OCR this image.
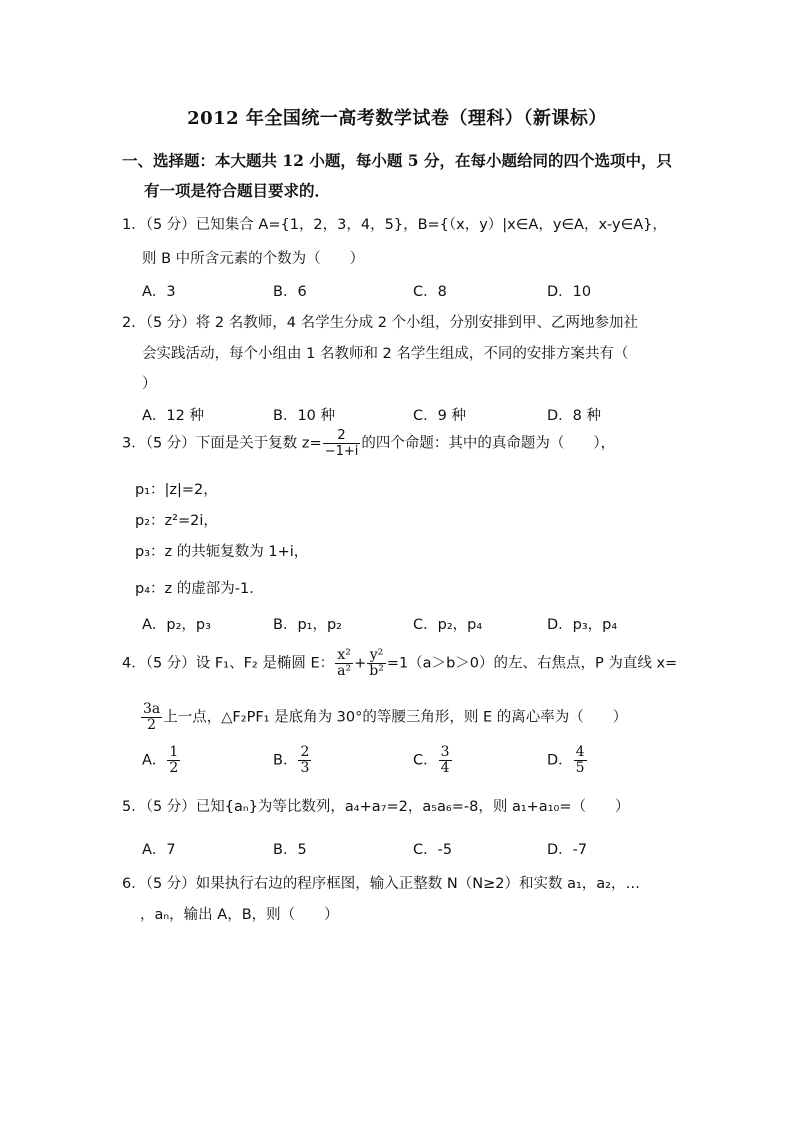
2012 年全国统一高考数学试卷（理科）（新课标）
一、选择题：本大题共 12 小题，每小题 5 分，在每小题给同的四个选项中，只
有一项是符合题目要求的．
1．（5 分）已知集合 A={1，2，3，4，5}，B={（x，y）|x∈A，y∈A，x-y∈A}，
则 B 中所含元素的个数为（　　）
A．3	B．6	C．8	D．10
2．（5 分）将 2 名教师，4 名学生分成 2 个小组，分别安排到甲、乙两地参加社
会实践活动，每个小组由 1 名教师和 2 名学生组成，不同的安排方案共有（
）
A．12 种	B．10 种	C．9 种	D．8 种
3．（5 分）下面是关于复数 $z= \frac{2}{-1+i}$ 的四个命题：其中的真命题为（　　），
p₁：|z|=2，
p₂：z²=2i，
p₃：z 的共轭复数为 1+i，
p₄：z 的虚部为-1．
A．p₂，p₃	B．p₁，p₂	C．p₂，p₄	D．p₃，p₄
4．（5 分）设 F₁、F₂ 是椭圆 E： $\frac{\text{x²}}{\text{a²}} + \frac{\text{y²}}{\text{b²}} =1(a>b>0)$的左、右焦点，P 为直线 x=
$\frac{3a}{2}$ 上一点，△F₂PF₁ 是底角为 30°的等腰三角形，则 E 的离心率为（　　）
A． $\frac{1}{2}$	B． $\frac{2}{3}$	C． $\frac{3}{4}$	D． $\frac{4}{5}$
5．（5 分）已知{aₙ}为等比数列，a₄+a₇=2，a₅a₆=-8，则 a₁+a₁₀=（　　）
A．7	B．5	C．-5	D．-7
6．（5 分）如果执行右边的程序框图，输入正整数 N（N≥2）和实数 a₁，a₂，…
，aₙ，输出 A，B，则（　　）
